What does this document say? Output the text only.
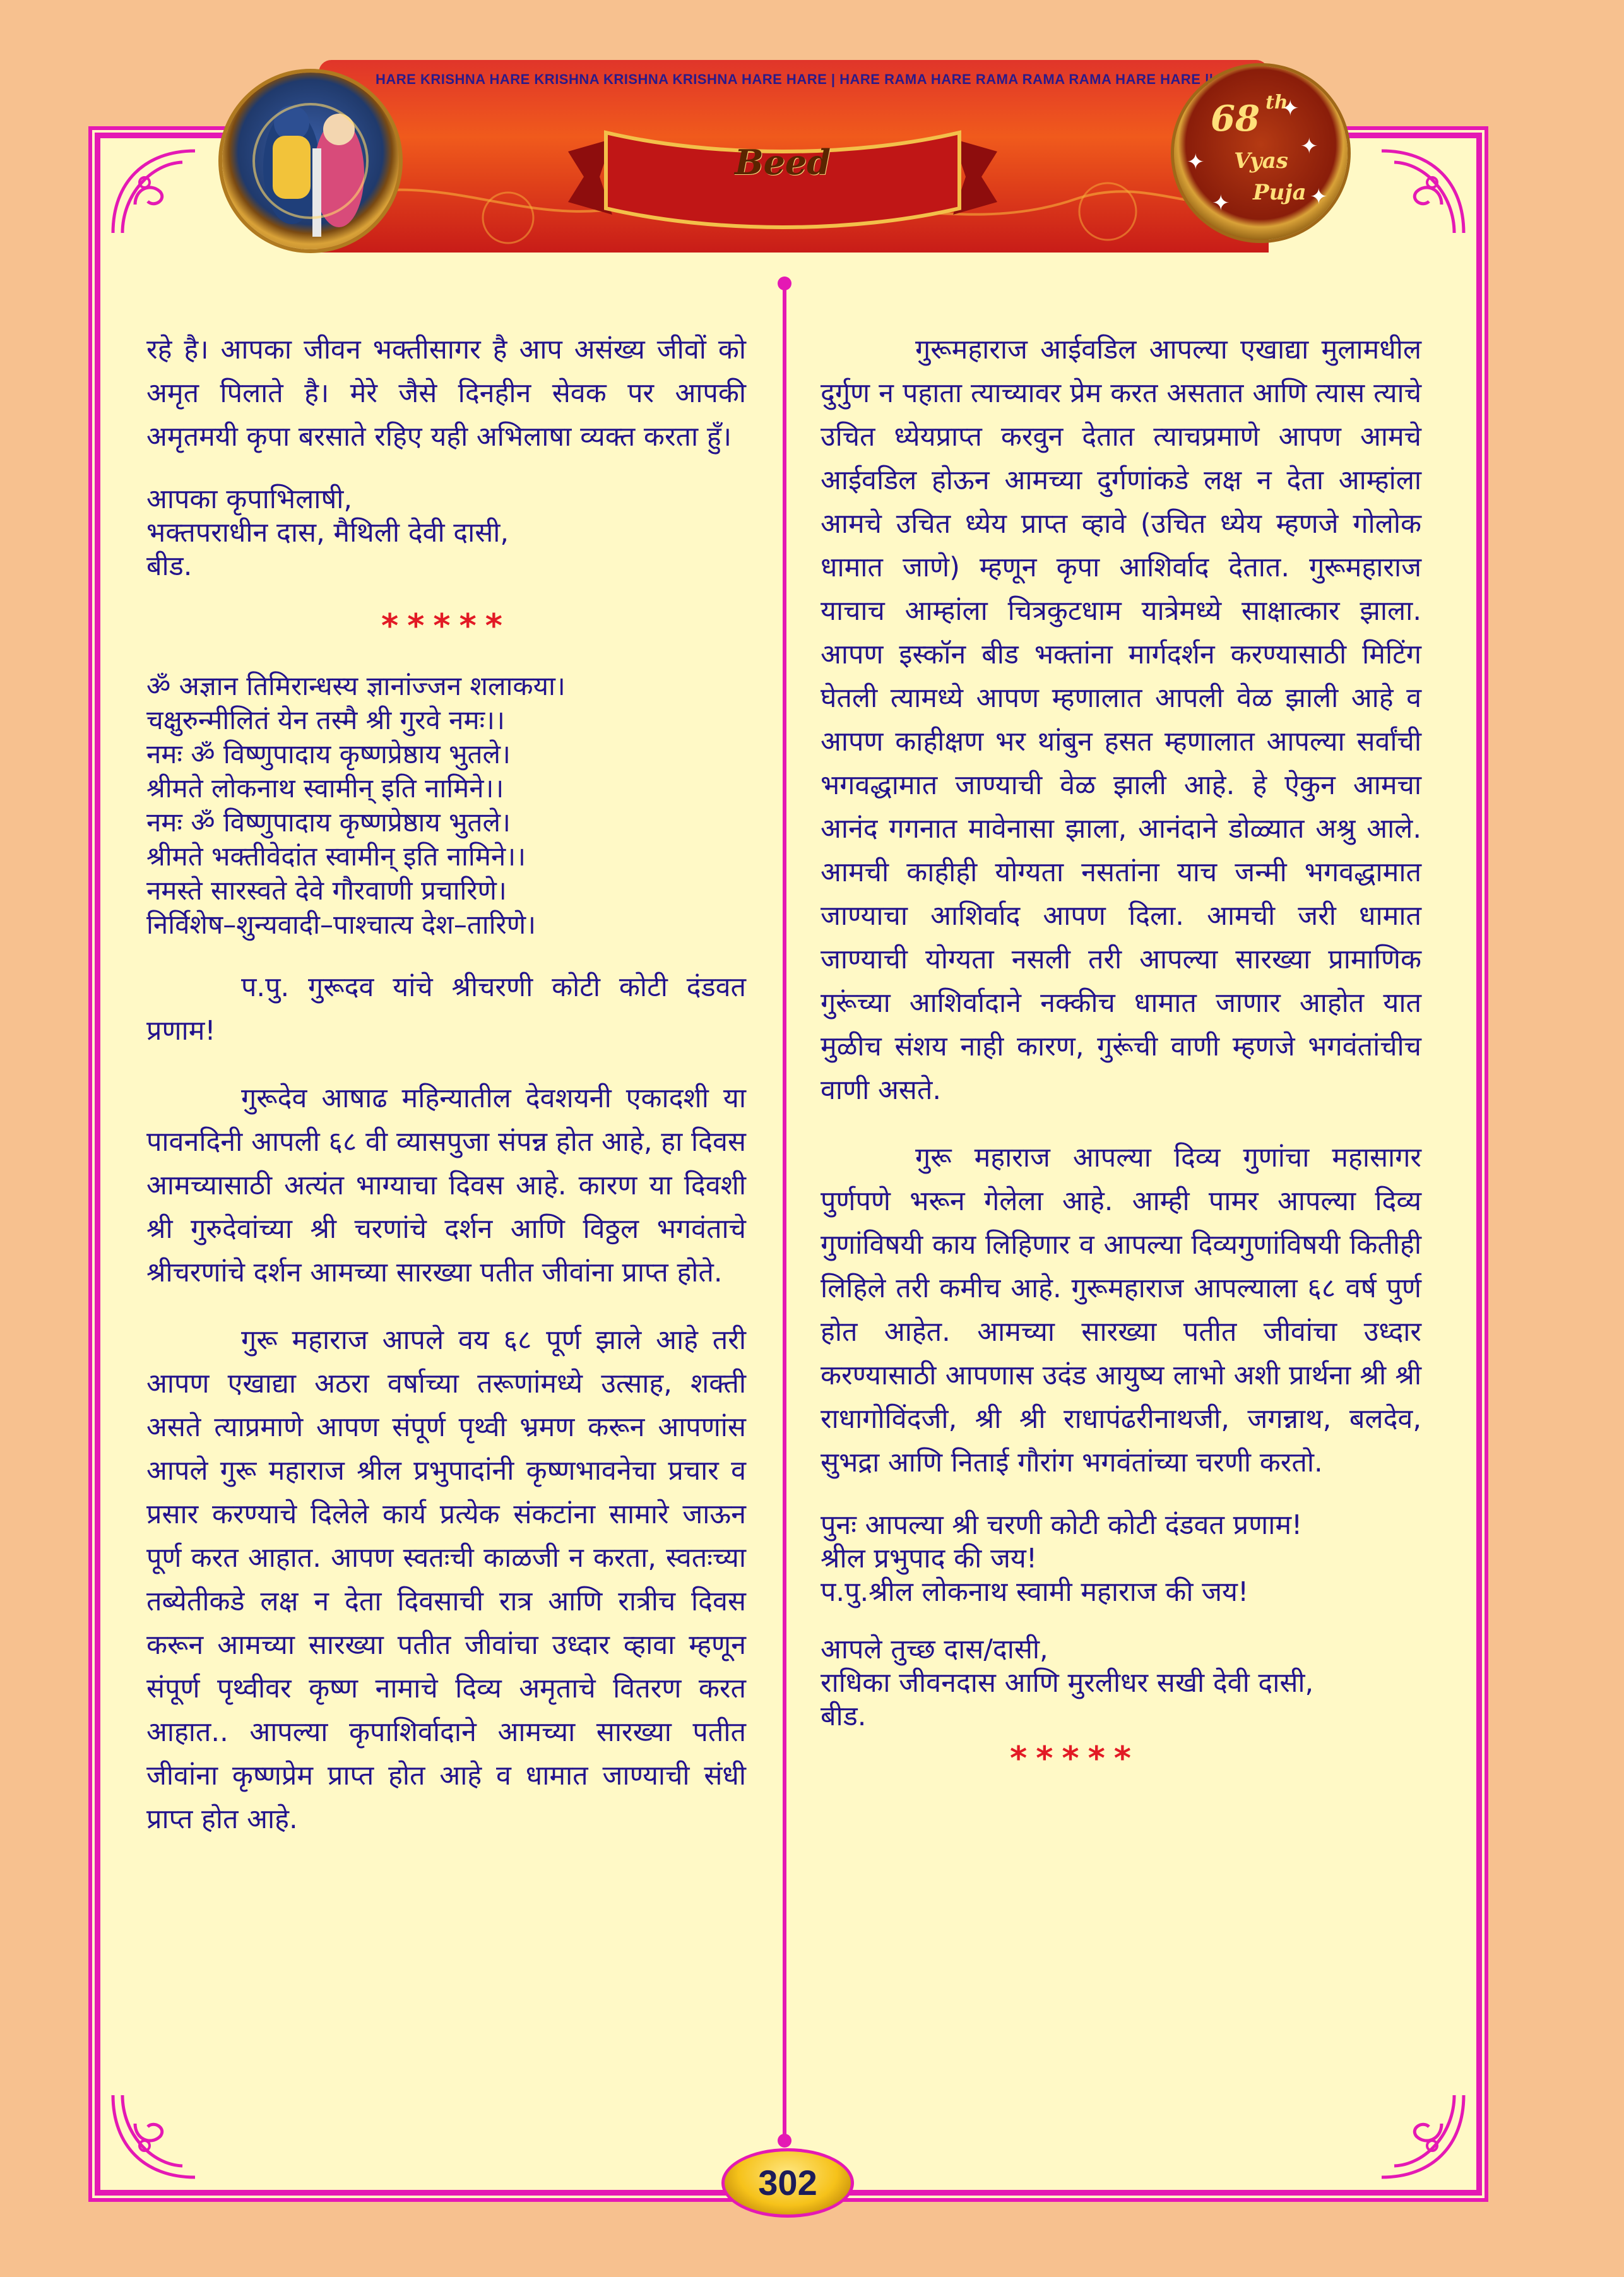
HARE KRISHNA HARE KRISHNA KRISHNA KRISHNA HARE HARE | HARE RAMA HARE RAMA RAMA RAMA HARE HARE ||
Beed
68 th
Vyas
Puja
✦
✦
✦
✦
✦

रहे है। आपका जीवन भक्तीसागर है आप असंख्य जीवों को अमृत पिलाते है। मेरे जैसे दिनहीन सेवक पर आपकी अमृतमयी कृपा बरसाते रहिए यही अभिलाषा व्यक्त करता हुँ।

आपका कृपाभिलाषी,
भक्तपराधीन दास, मैथिली देवी दासी,
बीड.
*****
ॐ अज्ञान तिमिरान्धस्य ज्ञानांज्जन शलाकया।
चक्षुरुन्मीलितं येन तस्मै श्री गुरवे नमः।।
नमः ॐ विष्णुपादाय कृष्णप्रेष्ठाय भुतले।
श्रीमते लोकनाथ स्वामीन् इति नामिने।।
नमः ॐ विष्णुपादाय कृष्णप्रेष्ठाय भुतले।
श्रीमते भक्तीवेदांत स्वामीन् इति नामिने।।
नमस्ते सारस्वते देवे गौरवाणी प्रचारिणे।
निर्विशेष–शुन्यवादी–पाश्चात्य देश–तारिणे।

प.पु. गुरूदव यांचे श्रीचरणी कोटी कोटी दंडवत प्रणाम!

गुरूदेव आषाढ महिन्यातील देवशयनी एकादशी या पावनदिनी आपली ६८ वी व्यासपुजा संपन्न होत आहे, हा दिवस आमच्यासाठी अत्यंत भाग्याचा दिवस आहे. कारण या दिवशी श्री गुरुदेवांच्या श्री चरणांचे दर्शन आणि विठ्ठल भगवंताचे श्रीचरणांचे दर्शन आमच्या सारख्या पतीत जीवांना प्राप्त होते.

गुरू महाराज आपले वय ६८ पूर्ण झाले आहे तरी आपण एखाद्या अठरा वर्षाच्या तरूणांमध्ये उत्साह, शक्ती असते त्याप्रमाणे आपण संपूर्ण पृथ्वी भ्रमण करून आपणांस आपले गुरू महाराज श्रील प्रभुपादांनी कृष्णभावनेचा प्रचार व प्रसार करण्याचे दिलेले कार्य प्रत्येक संकटांना सामारे जाऊन पूर्ण करत आहात. आपण स्वतःची काळजी न करता, स्वतःच्या तब्येतीकडे लक्ष न देता दिवसाची रात्र आणि रात्रीच दिवस करून आमच्या सारख्या पतीत जीवांचा उध्दार व्हावा म्हणून संपूर्ण पृथ्वीवर कृष्ण नामाचे दिव्य अमृताचे वितरण करत आहात.. आपल्या कृपाशिर्वादाने आमच्या सारख्या पतीत जीवांना कृष्णप्रेम प्राप्त होत आहे व धामात जाण्याची संधी प्राप्त होत आहे.

गुरूमहाराज आईवडिल आपल्या एखाद्या मुलामधील दुर्गुण न पहाता त्याच्यावर प्रेम करत असतात आणि त्यास त्याचे उचित ध्येयप्राप्त करवुन देतात त्याचप्रमाणे आपण आमचे आईवडिल होऊन आमच्या दुर्गणांकडे लक्ष न देता आम्हांला आमचे उचित ध्येय प्राप्त व्हावे (उचित ध्येय म्हणजे गोलोक धामात जाणे) म्हणून कृपा आशिर्वाद देतात. गुरूमहाराज याचाच आम्हांला चित्रकुटधाम यात्रेमध्ये साक्षात्कार झाला. आपण इस्कॉन बीड भक्तांना मार्गदर्शन करण्यासाठी मिटिंग घेतली त्यामध्ये आपण म्हणालात आपली वेळ झाली आहे व आपण काहीक्षण भर थांबुन हसत म्हणालात आपल्या सर्वांची भगवद्धामात जाण्याची वेळ झाली आहे. हे ऐकुन आमचा आनंद गगनात मावेनासा झाला, आनंदाने डोळ्यात अश्रु आले. आमची काहीही योग्यता नसतांना याच जन्मी भगवद्धामात जाण्याचा आशिर्वाद आपण दिला. आमची जरी धामात जाण्याची योग्यता नसली तरी आपल्या सारख्या प्रामाणिक गुरूंच्या आशिर्वादाने नक्कीच धामात जाणार आहोत यात मुळीच संशय नाही कारण, गुरूंची वाणी म्हणजे भगवंतांचीच वाणी असते.

गुरू महाराज आपल्या दिव्य गुणांचा महासागर पुर्णपणे भरून गेलेला आहे. आम्ही पामर आपल्या दिव्य गुणांविषयी काय लिहिणार व आपल्या दिव्यगुणांविषयी कितीही लिहिले तरी कमीच आहे. गुरूमहाराज आपल्याला ६८ वर्ष पुर्ण होत आहेत. आमच्या सारख्या पतीत जीवांचा उध्दार करण्यासाठी आपणास उदंड आयुष्य लाभो अशी प्रार्थना श्री श्री राधागोविंदजी, श्री श्री राधापंढरीनाथजी, जगन्नाथ, बलदेव, सुभद्रा आणि निताई गौरांग भगवंतांच्या चरणी करतो.

पुनः आपल्या श्री चरणी कोटी कोटी दंडवत प्रणाम!
श्रील प्रभुपाद की जय!
प.पु.श्रील लोकनाथ स्वामी महाराज की जय!
आपले तुच्छ दास/दासी,
राधिका जीवनदास आणि मुरलीधर सखी देवी दासी,
बीड.
*****
302
